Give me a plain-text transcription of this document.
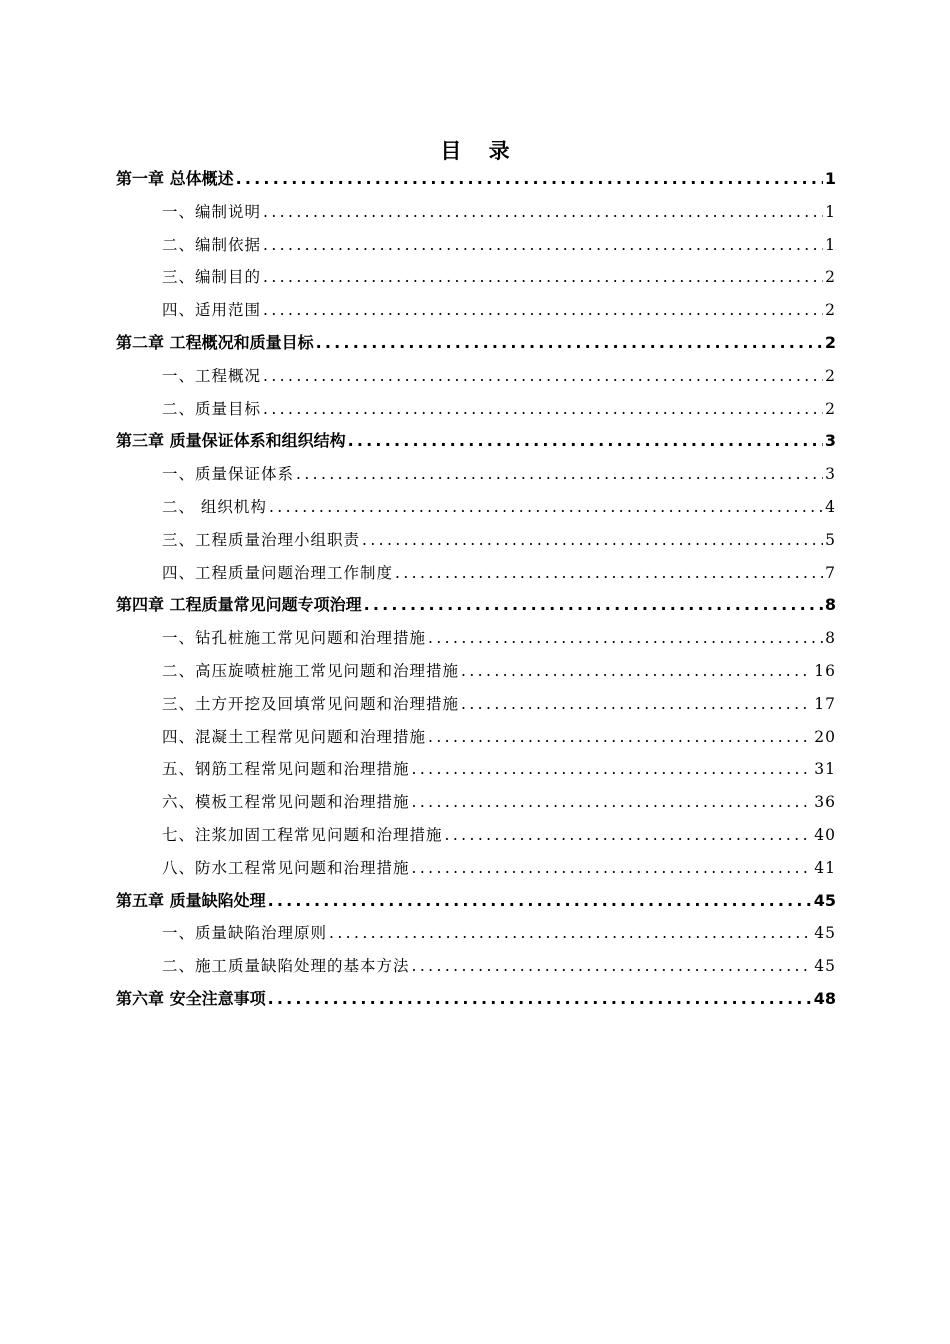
目 录
第一章 总体概述 .....	1
一、编制说明 .....	1
二、编制依据 .....	1
三、编制目的 .....	2
四、适用范围 .....	2
第二章 工程概况和质量目标 .....	2
一、工程概况 .....	2
二、质量目标 .....	2
第三章 质量保证体系和组织结构 .....	3
一、质量保证体系 .....	3
二、 组织机构 .....	4
三、工程质量治理小组职责 .....	5
四、工程质量问题治理工作制度 .....	7
第四章 工程质量常见问题专项治理 .....	8
一、钻孔桩施工常见问题和治理措施 .....	8
二、高压旋喷桩施工常见问题和治理措施 .....	16
三、土方开挖及回填常见问题和治理措施 .....	17
四、混凝土工程常见问题和治理措施 .....	20
五、钢筋工程常见问题和治理措施 .....	31
六、模板工程常见问题和治理措施 .....	36
七、注浆加固工程常见问题和治理措施 .....	40
八、防水工程常见问题和治理措施 .....	41
第五章 质量缺陷处理 .....	45
一、质量缺陷治理原则 .....	45
二、施工质量缺陷处理的基本方法 .....	45
第六章 安全注意事项 .....	48
